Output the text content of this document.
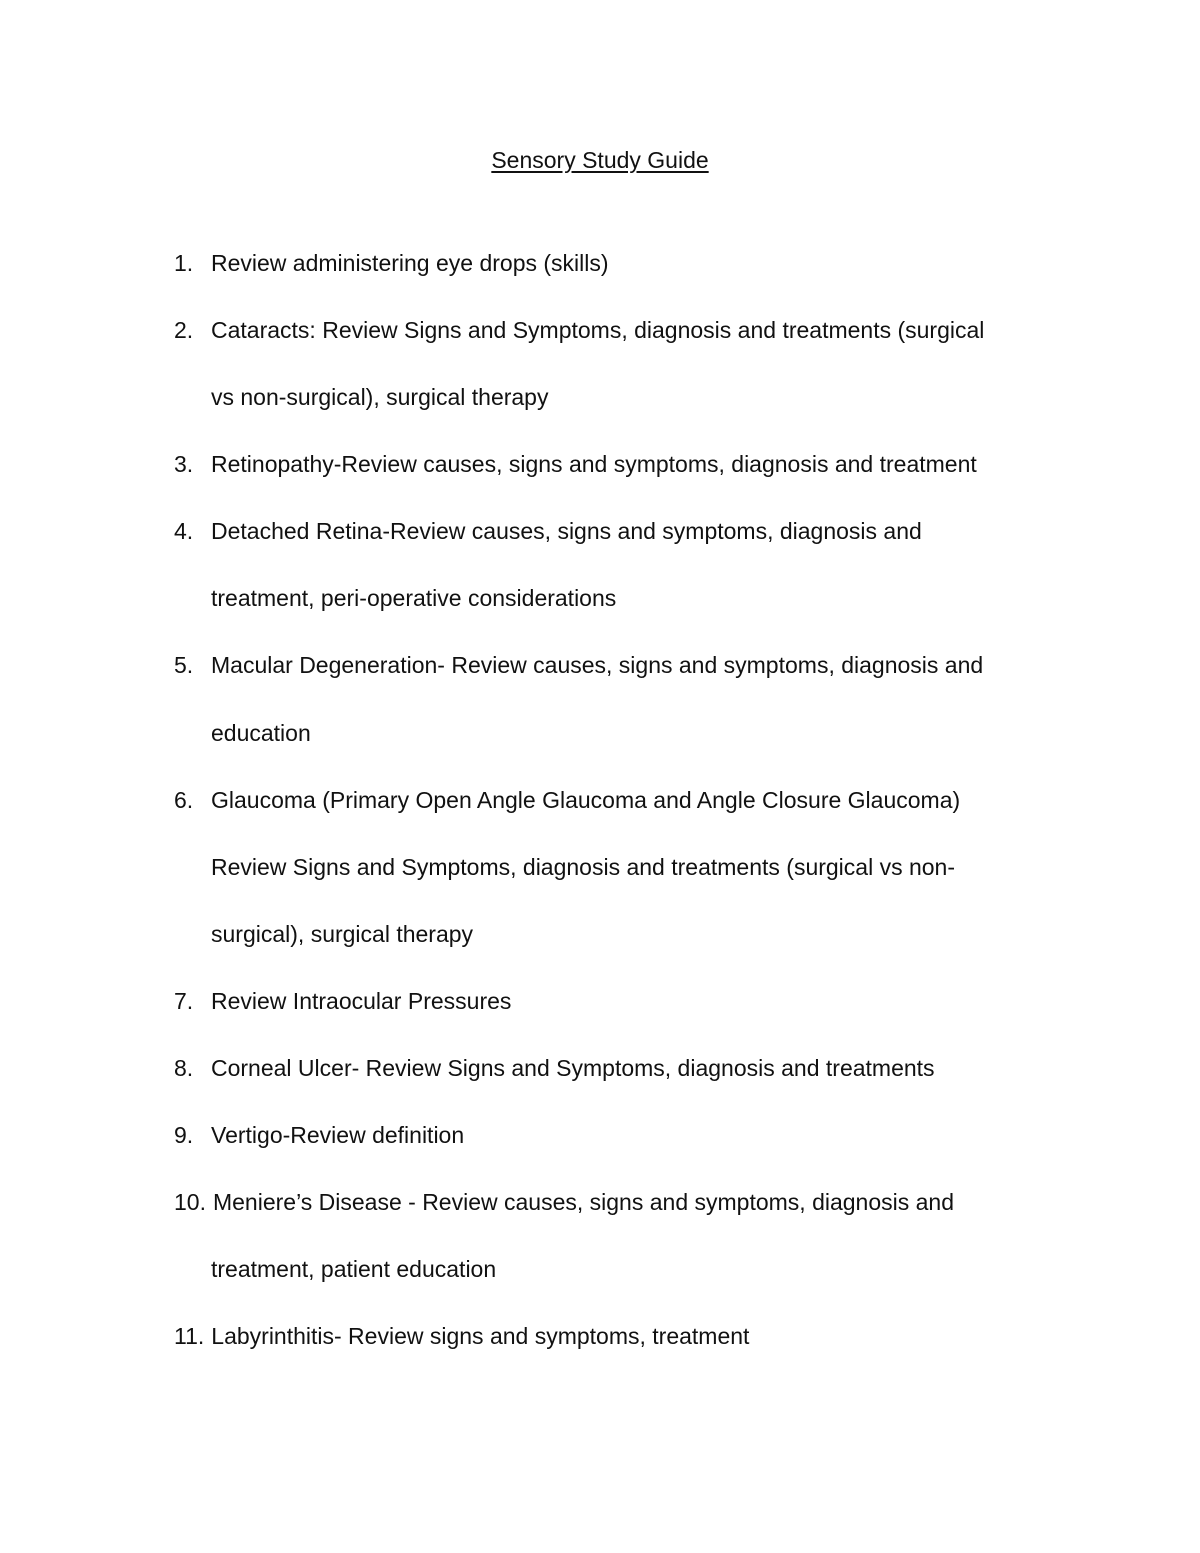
Sensory Study Guide
1. Review administering eye drops (skills)
2. Cataracts: Review Signs and Symptoms, diagnosis and treatments (surgical
vs non-surgical), surgical therapy
3. Retinopathy-Review causes, signs and symptoms, diagnosis and treatment
4. Detached Retina-Review causes, signs and symptoms, diagnosis and
treatment, peri-operative considerations
5. Macular Degeneration- Review causes, signs and symptoms, diagnosis and
education
6. Glaucoma (Primary Open Angle Glaucoma and Angle Closure Glaucoma)
Review Signs and Symptoms, diagnosis and treatments (surgical vs non-
surgical), surgical therapy
7. Review Intraocular Pressures
8. Corneal Ulcer- Review Signs and Symptoms, diagnosis and treatments
9. Vertigo-Review definition
10. Meniere’s Disease - Review causes, signs and symptoms, diagnosis and
treatment, patient education
11. Labyrinthitis- Review signs and symptoms, treatment
